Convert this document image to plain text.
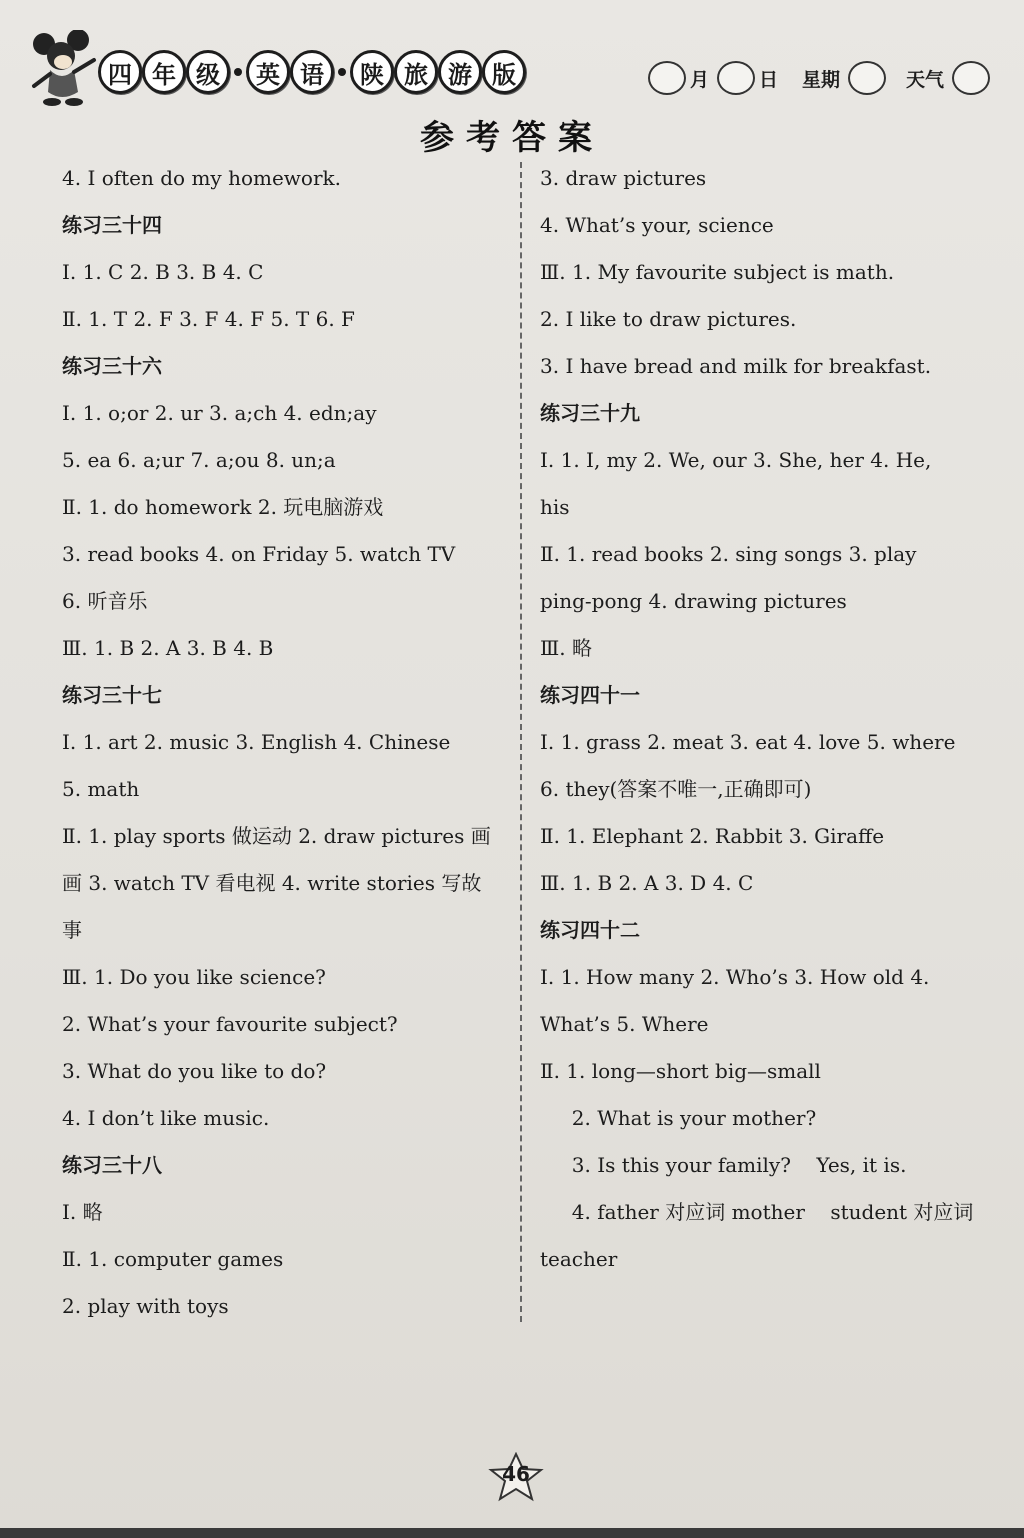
四 年 级	英 语	陕 旅 游 版	月	日 星期	天气
参考答案
4. I often do my homework.
练习三十四
Ⅰ. 1. C 2. B 3. B 4. C
Ⅱ. 1. T 2. F 3. F 4. F 5. T 6. F
练习三十六
Ⅰ. 1. o;or 2. ur 3. a;ch 4. edn;ay
5. ea 6. a;ur 7. a;ou 8. un;a
Ⅱ. 1. do homework 2. 玩电脑游戏
3. read books 4. on Friday 5. watch TV
6. 听音乐
Ⅲ. 1. B 2. A 3. B 4. B
练习三十七
Ⅰ. 1. art 2. music 3. English 4. Chinese
5. math
Ⅱ. 1. play sports 做运动 2. draw pictures 画
画 3. watch TV 看电视 4. write stories 写故
事
Ⅲ. 1. Do you like science?
2. What’s your favourite subject?
3. What do you like to do?
4. I don’t like music.
练习三十八
Ⅰ. 略
Ⅱ. 1. computer games
2. play with toys
3. draw pictures
4. What’s your, science
Ⅲ. 1. My favourite subject is math.
2. I like to draw pictures.
3. I have bread and milk for breakfast.
练习三十九
Ⅰ. 1. I, my 2. We, our 3. She, her 4. He,
his
Ⅱ. 1. read books 2. sing songs 3. play
ping-pong 4. drawing pictures
Ⅲ. 略
练习四十一
Ⅰ. 1. grass 2. meat 3. eat 4. love 5. where
6. they(答案不唯一,正确即可)
Ⅱ. 1. Elephant 2. Rabbit 3. Giraffe
Ⅲ. 1. B 2. A 3. D 4. C
练习四十二
Ⅰ. 1. How many 2. Who’s 3. How old 4.
What’s 5. Where
Ⅱ. 1. long—short big—small
2. What is your mother?
3. Is this your family?    Yes, it is.
4. father 对应词 mother    student 对应词
teacher
46
